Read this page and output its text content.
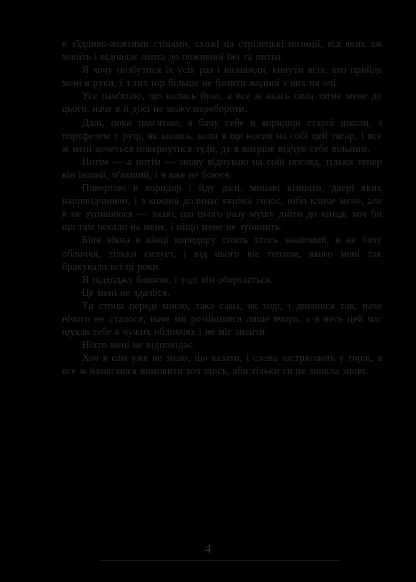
в з'їдливо-жовтими стінами, схожі на стрілецькі позиції, від яких аж млоїть і відпадає охота до поживної їжі та питва.

Я хочу позбутися їх усіх раз і назавжди, кинути всіх, хто прийде мені в руки, і з тих пір більше не бачити жодної з них на очі.

Усе пам'ятаю, що колись було, а все ж якась сила тягне мене до цього, наче я й досі не можу перебороти.

Далі, поки пам'ятаю, я бачу себе в коридорі старої школи, з портфелем у руці, як колись, коли я ще носив на собі цей тягар, і все ж мені хочеться повернутися туди, де я вперше відчув себе вільним.

Потім — а потім — знову відчуваю на собі погляд, тільки тепер він інший, м'якший, і я вже не боюся.

Повертаю в коридор і йду далі, минаю кімнати, двері яких напіввідчинені, і з кожної долинає якийсь голос, ніби кличе мене, але я не зупиняюся — знаю, що цього разу мушу дійти до кінця, хоч би що там чекало на мене, і ніщо мене не зупинить.

Біля вікна в кінці коридору стоїть хтось знайомий, я не бачу обличчя, тільки силует, і від нього віє теплом, якого мені так бракувало всі ці роки.

Я підходжу ближче, і тоді він обертається.

Це мені не здалося.

Ти стоїш переді мною, така сама, як тоді, і дивишся так, наче нічого не сталося, наче ми розійшлися лише вчора, а я весь цей час шукав тебе в чужих обличчях і не міг знайти.

Ніхто мені не відповідає.

Хоч я сам уже не знаю, що казати, і слова застрягають у горлі, я все ж намагаюся вимовити хоч щось, аби тільки ти не зникла знову.

4
